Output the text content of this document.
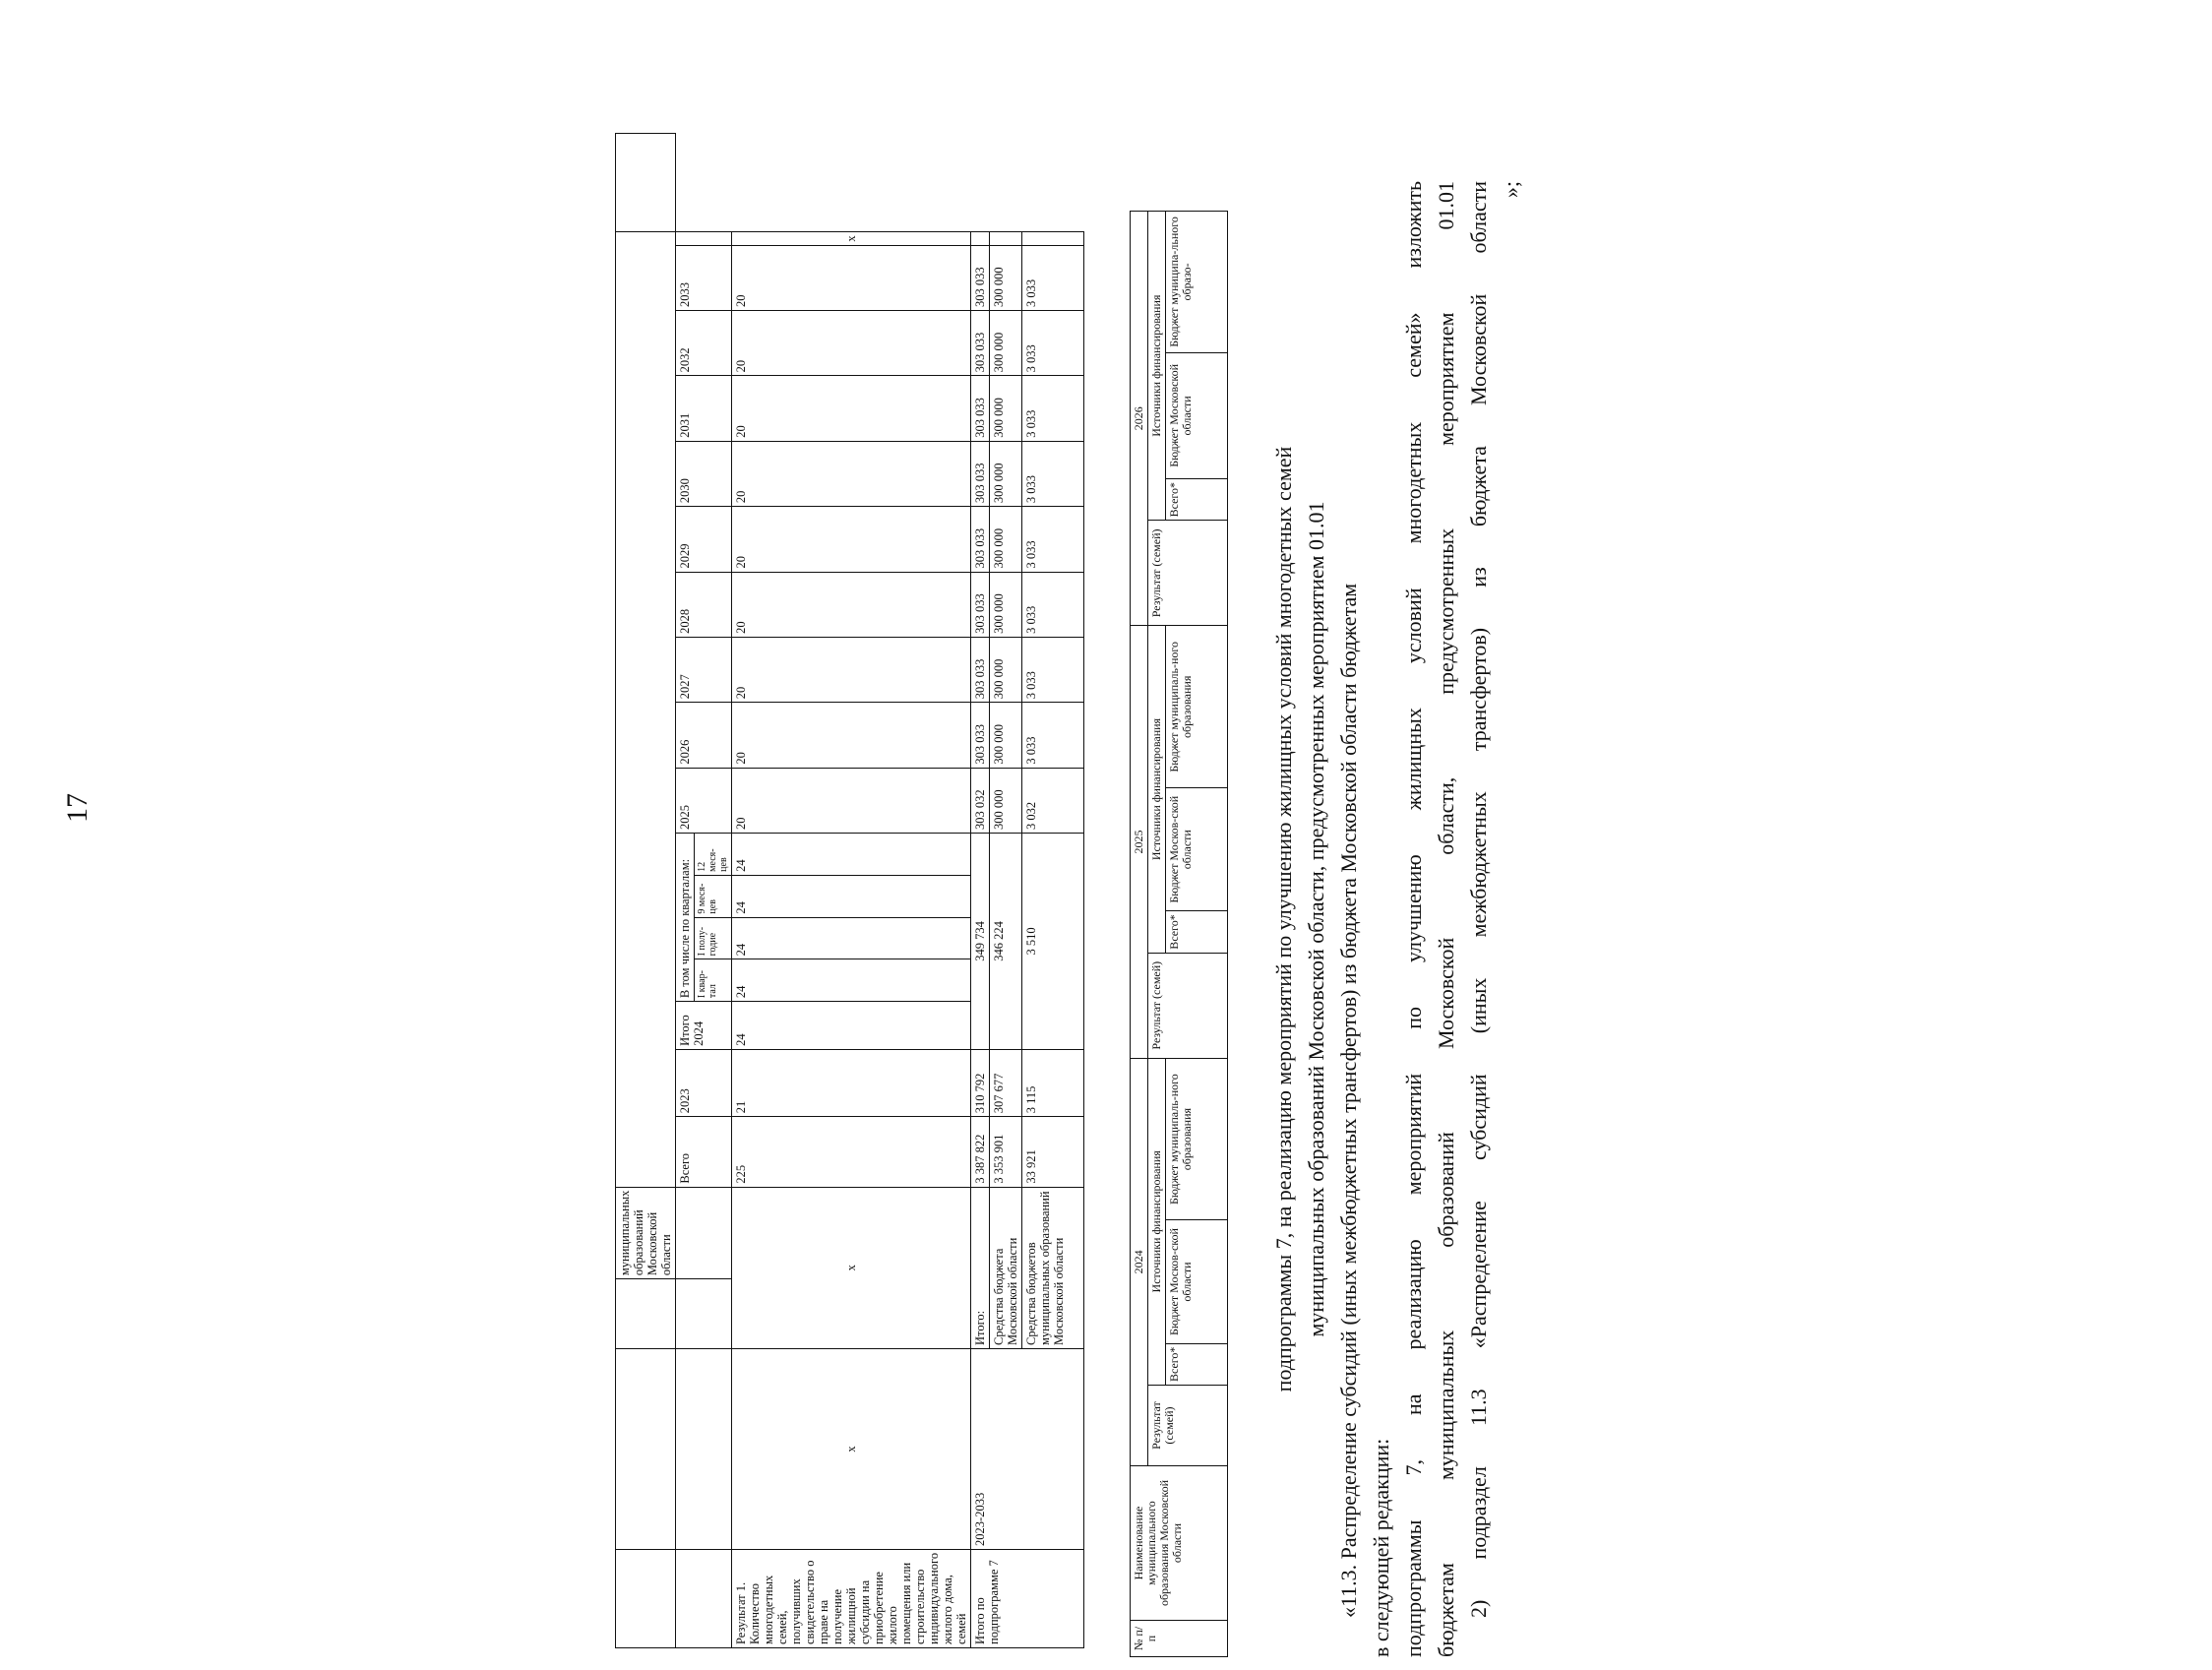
17
№ п/п	Наименование муниципального образования Московской области	2024				2025				2026			
		Результат (семей)	Источники финансирования			Результат (семей)	Источники финансирования			Результат (семей)	Источники финансирования		
			Всего*	Бюджет Москов-ской области	Бюджет муниципаль-ного образования		Всего*	Бюджет Москов-ской области	Бюджет муниципаль-ного образования		Всего*	Бюджет Московской области	Бюджет муниципа-льного образо-

подпрограммы 7, на реализацию мероприятий по улучшению жилищных условий многодетных семей муниципальных образований Московской области, предусмотренных мероприятием 01.01 «11.3. Распределение субсидий (иных межбюджетных трансфертов) из бюджета Московской области бюджетам в следующей редакции: подпрограммы 7, на реализацию мероприятий по улучшению жилищных условий многодетных семей» изложить бюджетам муниципальных образований Московской области, предусмотренных мероприятием 01.01 2) подраздел 11.3 «Распределение субсидий (иных межбюджетных трансфертов) из бюджета Московской области »;

			муниципальных образований Московской области																		
				Всего	2023	Итого 2024	В том числе по кварталам:				2025	2026	2027	2028	2029	2030	2031	2032	2033		
							I квар-тал	I полу-годие	9 меся-цев	12 меся-цев											
Результат 1. Количество многодетных семей, получивших свидетельство о праве на получение жилищной субсидии на приобретение жилого помещения или строительство индивидуального жилого дома, семей	х	х		225	21	24	24	24	24	24	20	20	20	20	20	20	20	20	20	х	
Итого по подпрограмме 7	2023-2033	Итого:		3 387 822	310 792	349 734					303 032	303 033	303 033	303 033	303 033	303 033	303 033	303 033	303 033		
		Средства бюджета Московской области		3 353 901	307 677	346 224					300 000	300 000	300 000	300 000	300 000	300 000	300 000	300 000	300 000		
		Средства бюджетов муниципальных образований Московской области		33 921	3 115	3 510					3 032	3 033	3 033	3 033	3 033	3 033	3 033	3 033	3 033		
